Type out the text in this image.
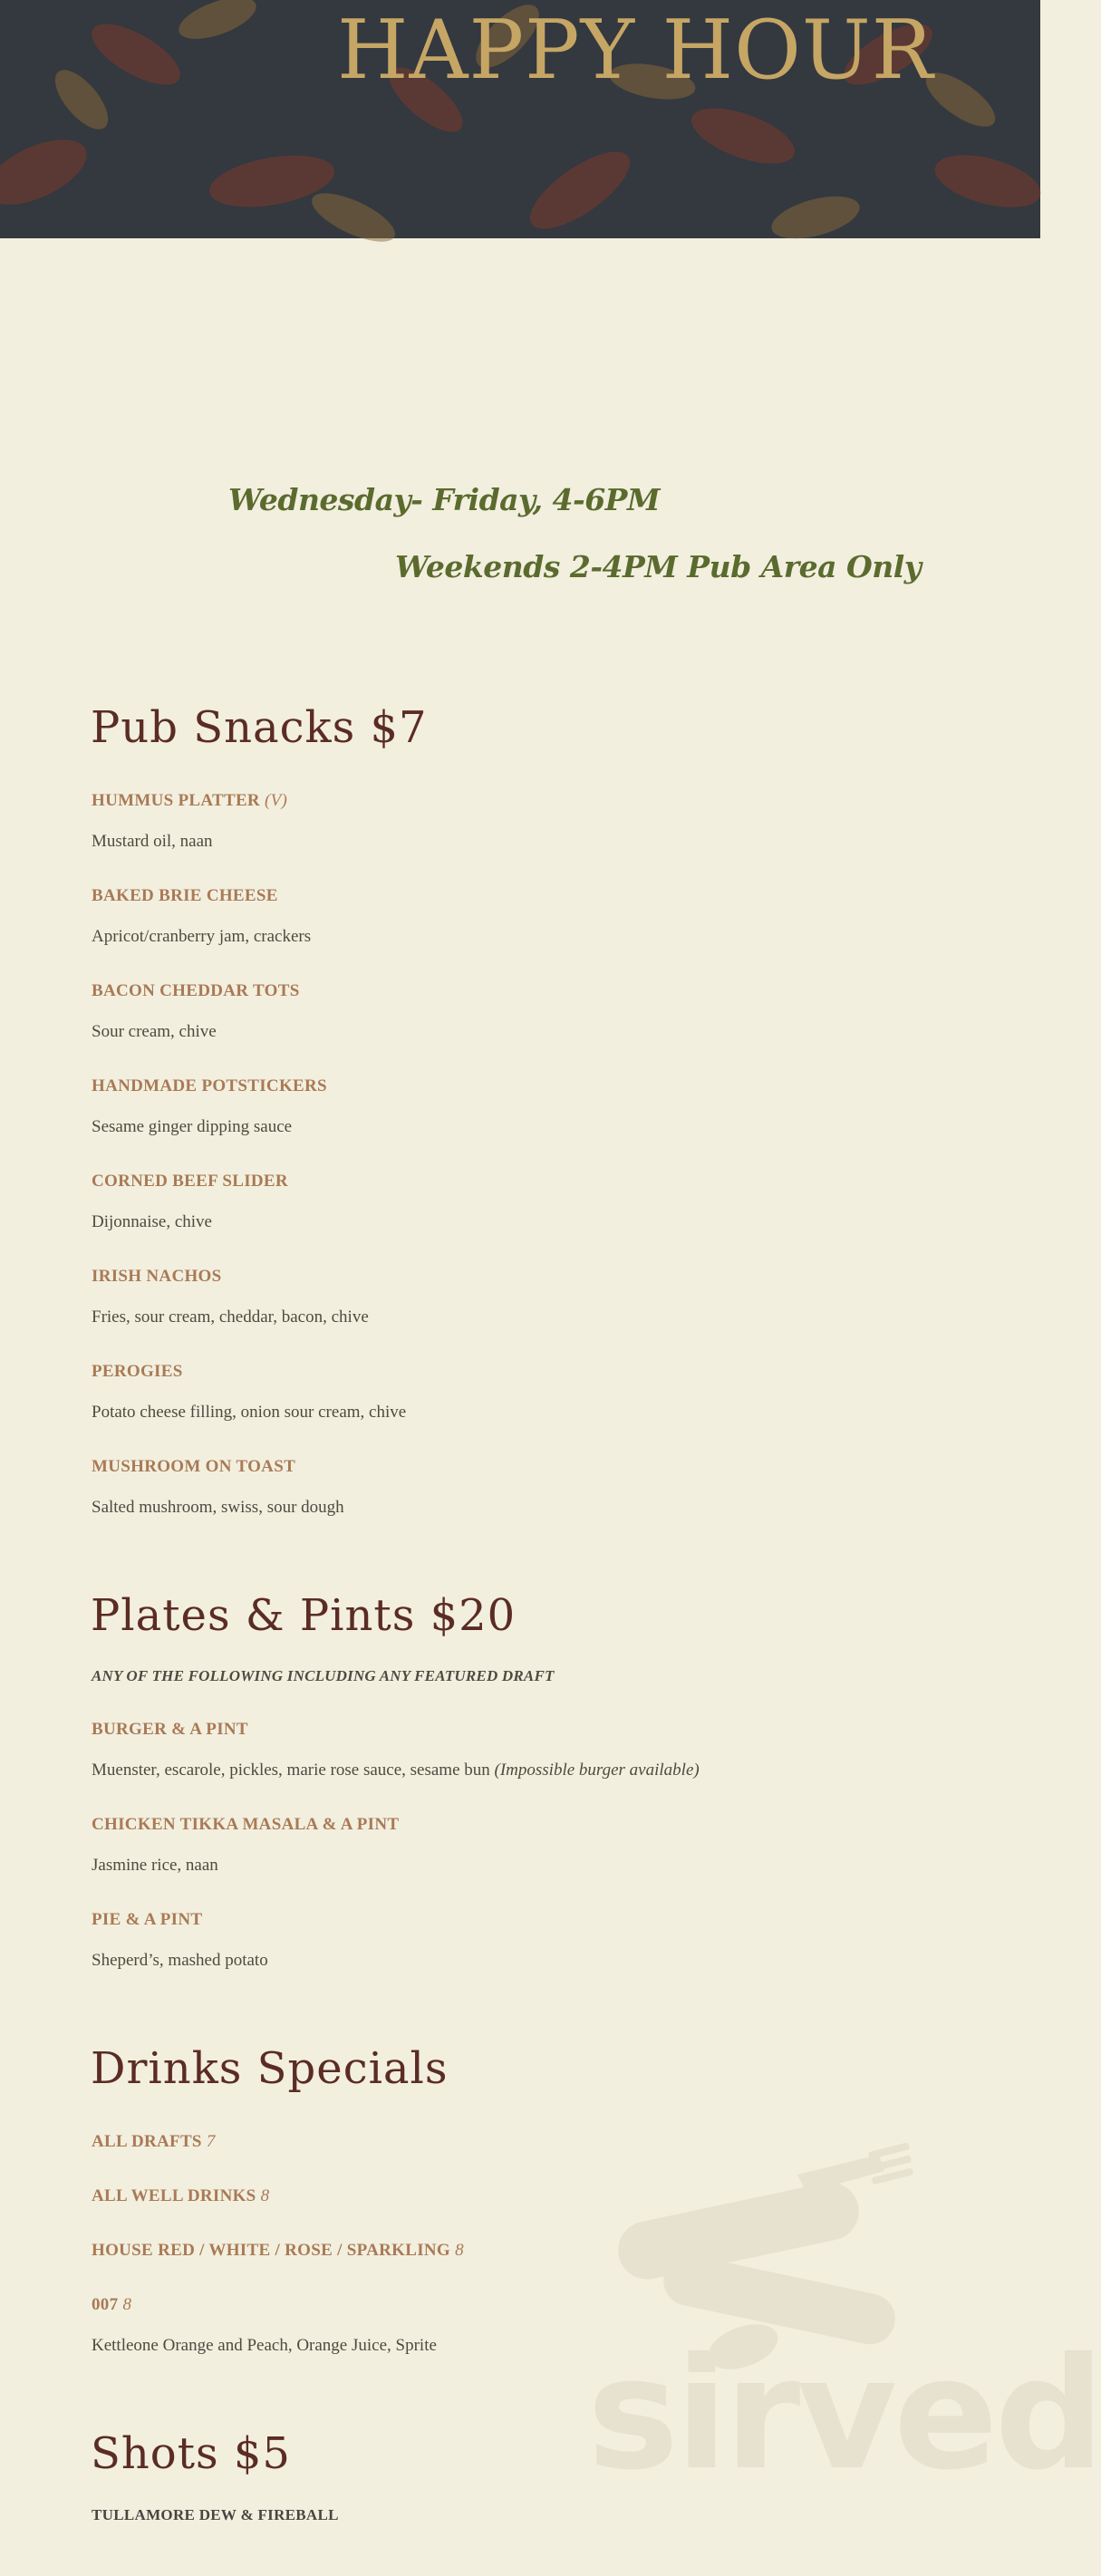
HAPPY HOUR
Wednesday- Friday, 4-6PM
Weekends 2-4PM Pub Area Only
Pub Snacks $7
HUMMUS PLATTER (V)
Mustard oil, naan
BAKED BRIE CHEESE
Apricot/cranberry jam, crackers
BACON CHEDDAR TOTS
Sour cream, chive
HANDMADE POTSTICKERS
Sesame ginger dipping sauce
CORNED BEEF SLIDER
Dijonnaise, chive
IRISH NACHOS
Fries, sour cream, cheddar, bacon, chive
PEROGIES
Potato cheese filling, onion sour cream, chive
MUSHROOM ON TOAST
Salted mushroom, swiss, sour dough
Plates & Pints $20
ANY OF THE FOLLOWING INCLUDING ANY FEATURED DRAFT
BURGER & A PINT
Muenster, escarole, pickles, marie rose sauce, sesame bun (Impossible burger available)
CHICKEN TIKKA MASALA & A PINT
Jasmine rice, naan
PIE & A PINT
Sheperd’s, mashed potato
sirved
Drinks Specials
ALL DRAFTS 7
ALL WELL DRINKS 8
HOUSE RED / WHITE / ROSE / SPARKLING 8
007 8
Kettleone Orange and Peach, Orange Juice, Sprite
Shots $5
TULLAMORE DEW & FIREBALL
